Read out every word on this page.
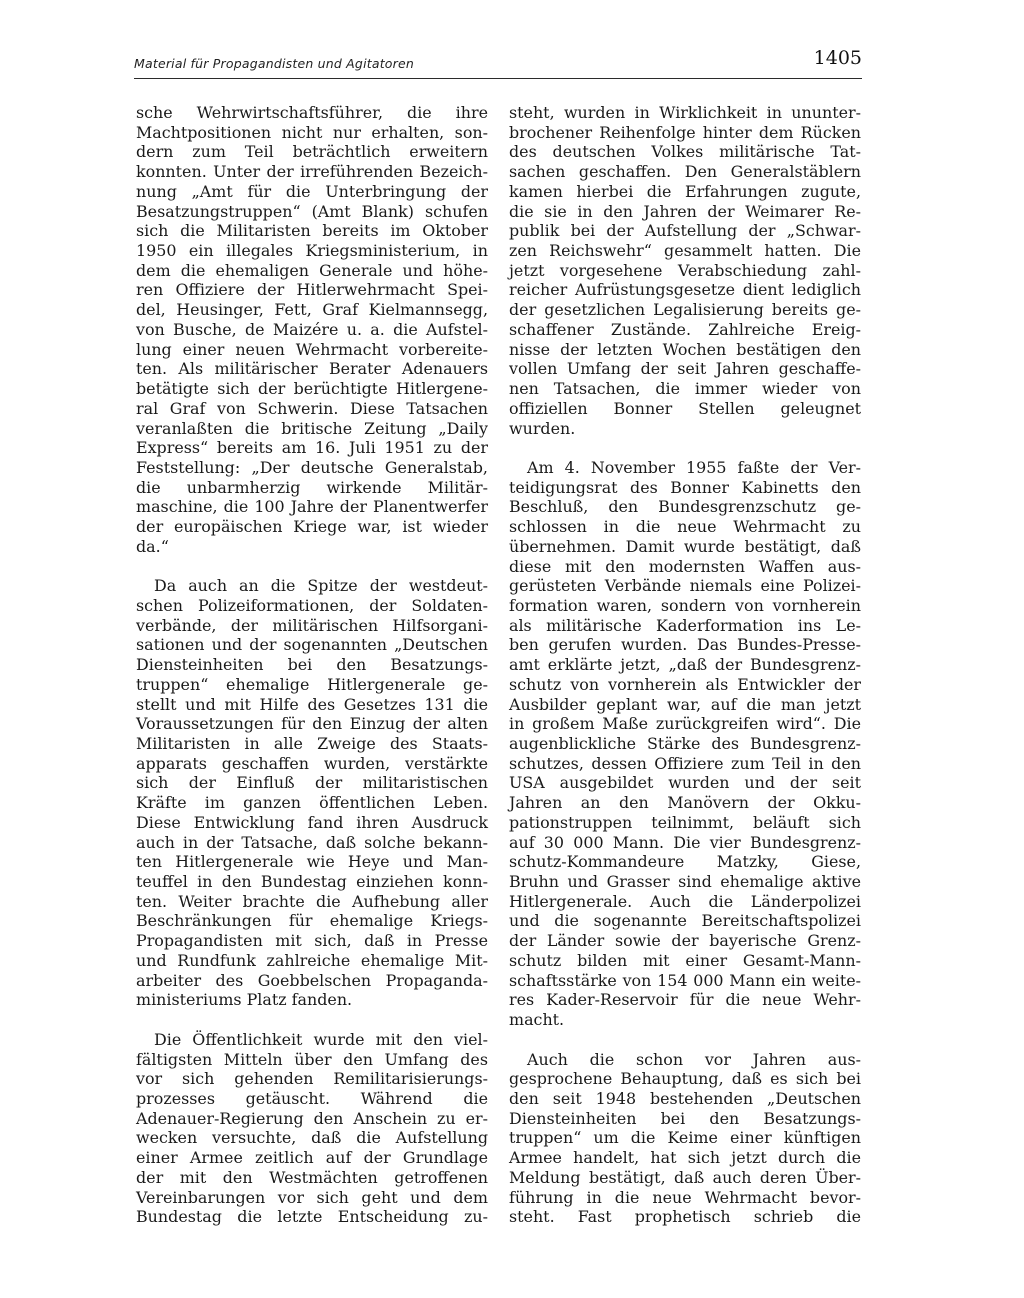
Material für Propagandisten und Agitatoren	1405
sche Wehrwirtschaftsführer, die ihre
Machtpositionen nicht nur erhalten, son-
dern zum Teil beträchtlich erweitern
konnten. Unter der irreführenden Bezeich-
nung „Amt für die Unterbringung der
Besatzungstruppen“ (Amt Blank) schufen
sich die Militaristen bereits im Oktober
1950 ein illegales Kriegsministerium, in
dem die ehemaligen Generale und höhe-
ren Offiziere der Hitlerwehrmacht Spei-
del, Heusinger, Fett, Graf Kielmannsegg,
von Busche, de Maizére u. a. die Aufstel-
lung einer neuen Wehrmacht vorbereite-
ten. Als militärischer Berater Adenauers
betätigte sich der berüchtigte Hitlergene-
ral Graf von Schwerin. Diese Tatsachen
veranlaßten die britische Zeitung „Daily
Express“ bereits am 16. Juli 1951 zu der
Feststellung: „Der deutsche Generalstab,
die unbarmherzig wirkende Militär-
maschine, die 100 Jahre der Planentwerfer
der europäischen Kriege war, ist wieder
da.“
Da auch an die Spitze der westdeut-
schen Polizeiformationen, der Soldaten-
verbände, der militärischen Hilfsorgani-
sationen und der sogenannten „Deutschen
Diensteinheiten bei den Besatzungs-
truppen“ ehemalige Hitlergenerale ge-
stellt und mit Hilfe des Gesetzes 131 die
Voraussetzungen für den Einzug der alten
Militaristen in alle Zweige des Staats-
apparats geschaffen wurden, verstärkte
sich der Einfluß der militaristischen
Kräfte im ganzen öffentlichen Leben.
Diese Entwicklung fand ihren Ausdruck
auch in der Tatsache, daß solche bekann-
ten Hitlergenerale wie Heye und Man-
teuffel in den Bundestag einziehen konn-
ten. Weiter brachte die Aufhebung aller
Beschränkungen für ehemalige Kriegs-
Propagandisten mit sich, daß in Presse
und Rundfunk zahlreiche ehemalige Mit-
arbeiter des Goebbelschen Propaganda-
ministeriums Platz fanden.
Die Öffentlichkeit wurde mit den viel-
fältigsten Mitteln über den Umfang des
vor sich gehenden Remilitarisierungs-
prozesses getäuscht. Während die
Adenauer-Regierung den Anschein zu er-
wecken versuchte, daß die Aufstellung
einer Armee zeitlich auf der Grundlage
der mit den Westmächten getroffenen
Vereinbarungen vor sich geht und dem
Bundestag die letzte Entscheidung zu-
steht, wurden in Wirklichkeit in ununter-
brochener Reihenfolge hinter dem Rücken
des deutschen Volkes militärische Tat-
sachen geschaffen. Den Generalstäblern
kamen hierbei die Erfahrungen zugute,
die sie in den Jahren der Weimarer Re-
publik bei der Aufstellung der „Schwar-
zen Reichswehr“ gesammelt hatten. Die
jetzt vorgesehene Verabschiedung zahl-
reicher Aufrüstungsgesetze dient lediglich
der gesetzlichen Legalisierung bereits ge-
schaffener Zustände. Zahlreiche Ereig-
nisse der letzten Wochen bestätigen den
vollen Umfang der seit Jahren geschaffe-
nen Tatsachen, die immer wieder von
offiziellen Bonner Stellen geleugnet
wurden.
Am 4. November 1955 faßte der Ver-
teidigungsrat des Bonner Kabinetts den
Beschluß, den Bundesgrenzschutz ge-
schlossen in die neue Wehrmacht zu
übernehmen. Damit wurde bestätigt, daß
diese mit den modernsten Waffen aus-
gerüsteten Verbände niemals eine Polizei-
formation waren, sondern von vornherein
als militärische Kaderformation ins Le-
ben gerufen wurden. Das Bundes-Presse-
amt erklärte jetzt, „daß der Bundesgrenz-
schutz von vornherein als Entwickler der
Ausbilder geplant war, auf die man jetzt
in großem Maße zurückgreifen wird“. Die
augenblickliche Stärke des Bundesgrenz-
schutzes, dessen Offiziere zum Teil in den
USA ausgebildet wurden und der seit
Jahren an den Manövern der Okku-
pationstruppen teilnimmt, beläuft sich
auf 30 000 Mann. Die vier Bundesgrenz-
schutz-Kommandeure Matzky, Giese,
Bruhn und Grasser sind ehemalige aktive
Hitlergenerale. Auch die Länderpolizei
und die sogenannte Bereitschaftspolizei
der Länder sowie der bayerische Grenz-
schutz bilden mit einer Gesamt-Mann-
schaftsstärke von 154 000 Mann ein weite-
res Kader-Reservoir für die neue Wehr-
macht.
Auch die schon vor Jahren aus-
gesprochene Behauptung, daß es sich bei
den seit 1948 bestehenden „Deutschen
Diensteinheiten bei den Besatzungs-
truppen“ um die Keime einer künftigen
Armee handelt, hat sich jetzt durch die
Meldung bestätigt, daß auch deren Über-
führung in die neue Wehrmacht bevor-
steht. Fast prophetisch schrieb die
